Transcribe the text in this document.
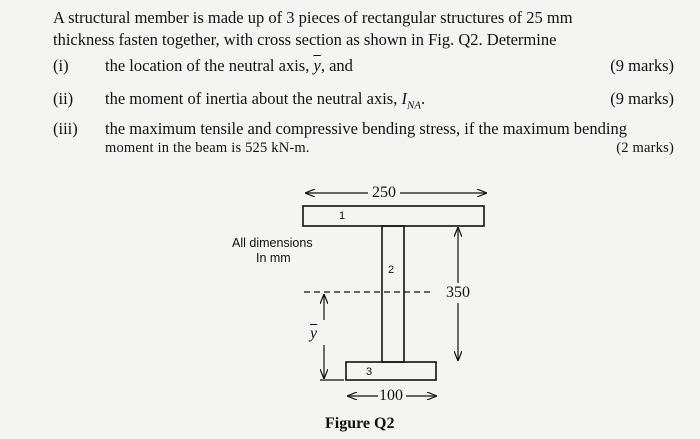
A structural member is made up of 3 pieces of rectangular structures of 25 mm
thickness fasten together, with cross section as shown in Fig. Q2. Determine
(i) the location of the neutral axis, $\overline{y}$, and	(9 marks)
(ii) the moment of inertia about the neutral axis, $I_{NA}$.	(9 marks)
(iii) the maximum tensile and compressive bending stress, if the maximum bending
moment in the beam is 525 kN-m.	(2 marks)
250
1
2
3
All dimensions
In mm
$\overline{y}$
350
100
Figure Q2
